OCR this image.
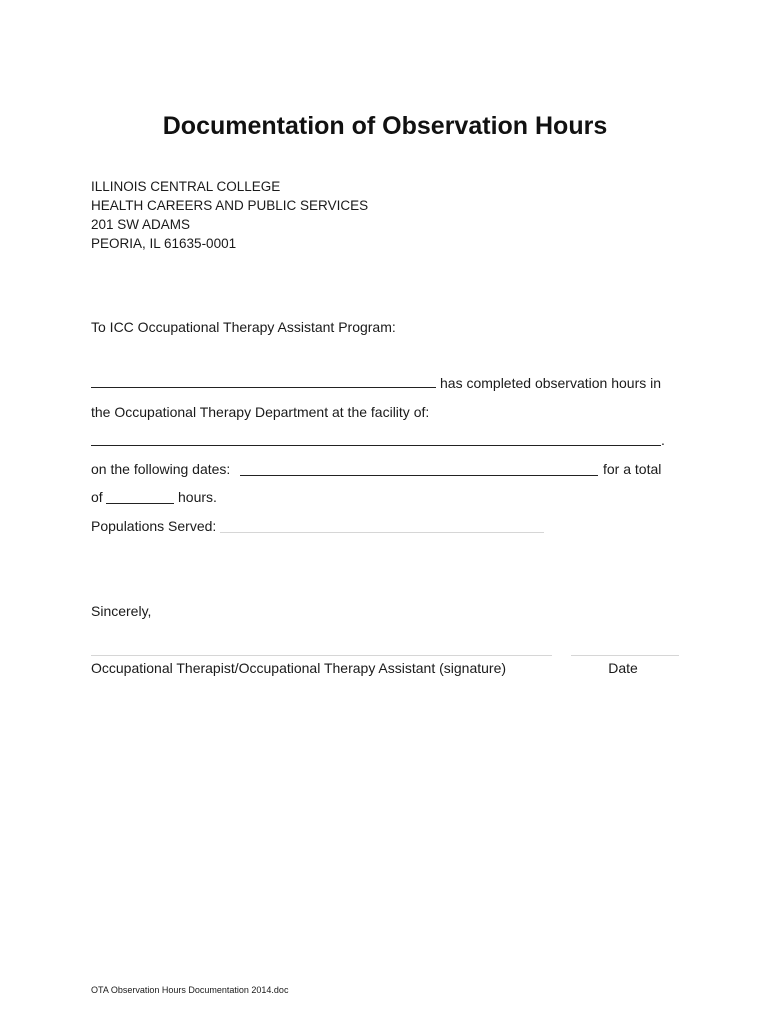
Documentation of Observation Hours
ILLINOIS CENTRAL COLLEGE
HEALTH CAREERS AND PUBLIC SERVICES
201 SW ADAMS
PEORIA, IL 61635-0001
To ICC Occupational Therapy Assistant Program:
has completed observation hours in
the Occupational Therapy Department at the facility of:
.
on the following dates:	for a total
of	hours.
Populations Served:
Sincerely,
Occupational Therapist/Occupational Therapy Assistant (signature)	Date
OTA Observation Hours Documentation 2014.doc
